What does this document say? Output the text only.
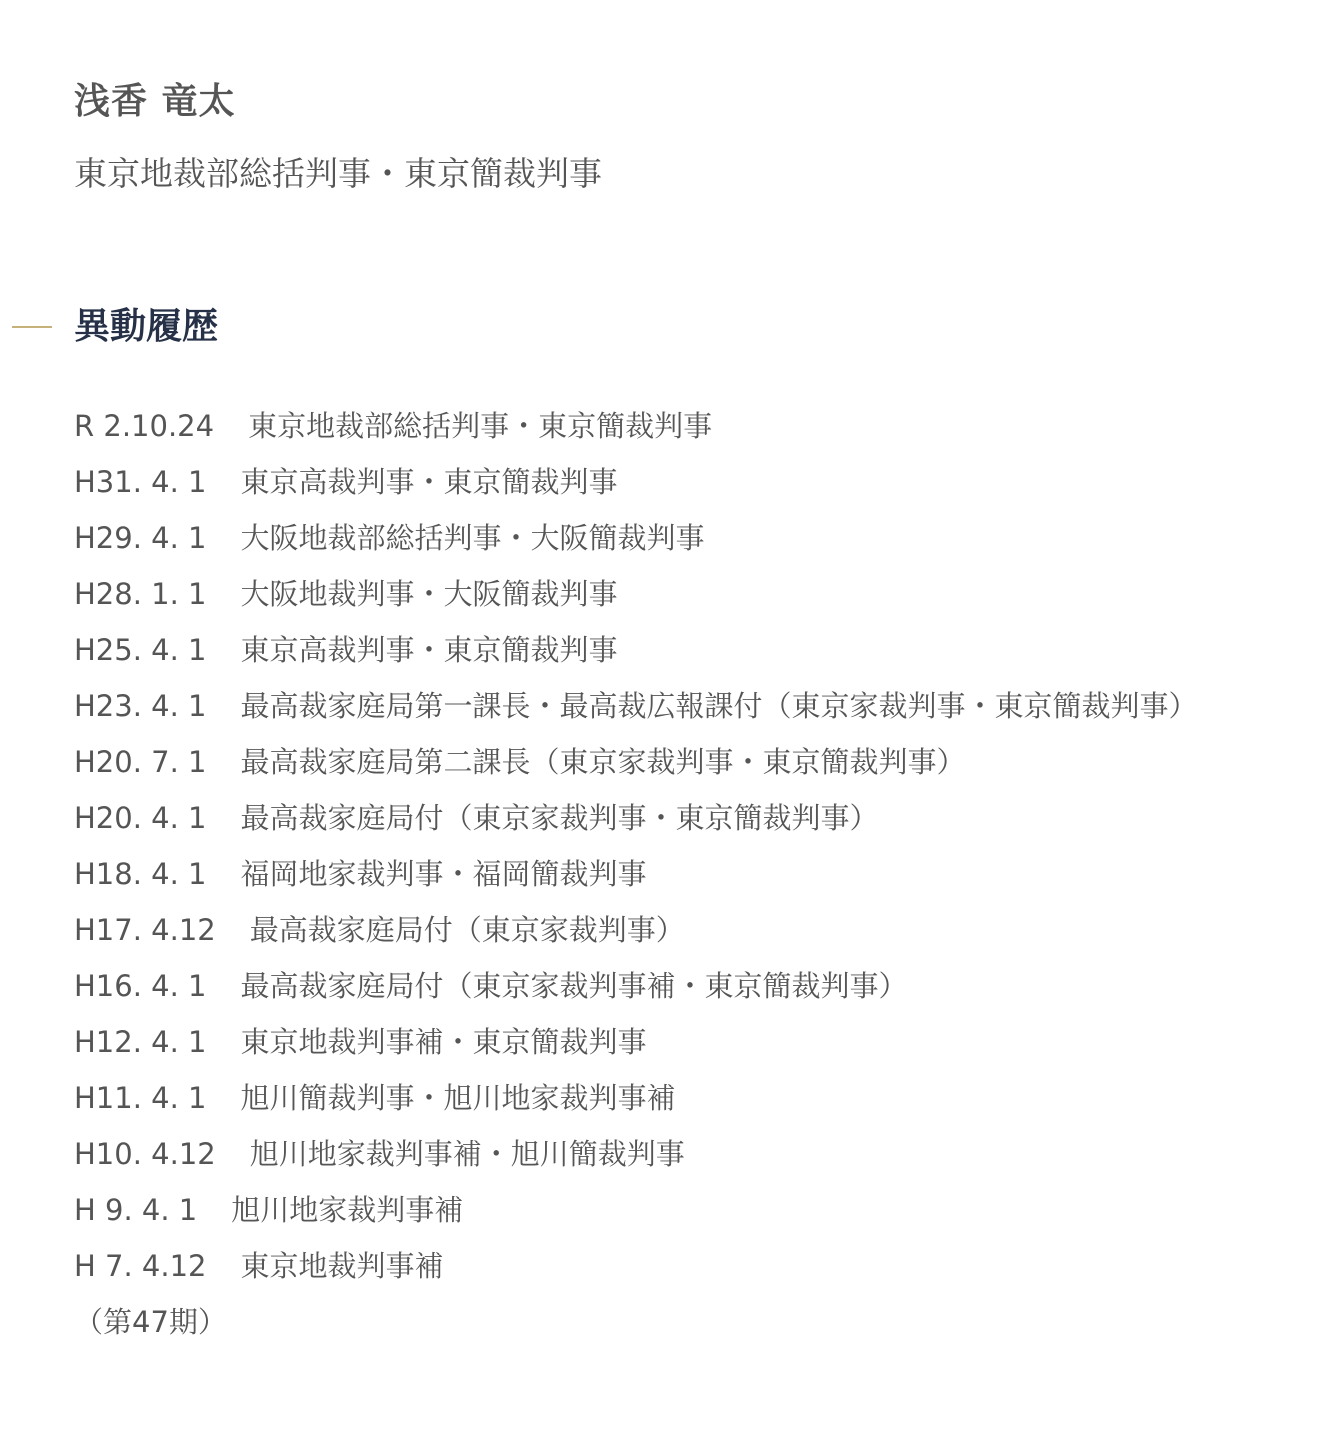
浅香 竜太
東京地裁部総括判事・東京簡裁判事
異動履歴
R 2.10.24 東京地裁部総括判事・東京簡裁判事
H31. 4. 1 東京高裁判事・東京簡裁判事
H29. 4. 1 大阪地裁部総括判事・大阪簡裁判事
H28. 1. 1 大阪地裁判事・大阪簡裁判事
H25. 4. 1 東京高裁判事・東京簡裁判事
H23. 4. 1 最高裁家庭局第一課長・最高裁広報課付（東京家裁判事・東京簡裁判事）
H20. 7. 1 最高裁家庭局第二課長（東京家裁判事・東京簡裁判事）
H20. 4. 1 最高裁家庭局付（東京家裁判事・東京簡裁判事）
H18. 4. 1 福岡地家裁判事・福岡簡裁判事
H17. 4.12 最高裁家庭局付（東京家裁判事）
H16. 4. 1 最高裁家庭局付（東京家裁判事補・東京簡裁判事）
H12. 4. 1 東京地裁判事補・東京簡裁判事
H11. 4. 1 旭川簡裁判事・旭川地家裁判事補
H10. 4.12 旭川地家裁判事補・旭川簡裁判事
H 9. 4. 1 旭川地家裁判事補
H 7. 4.12 東京地裁判事補
（第47期）
